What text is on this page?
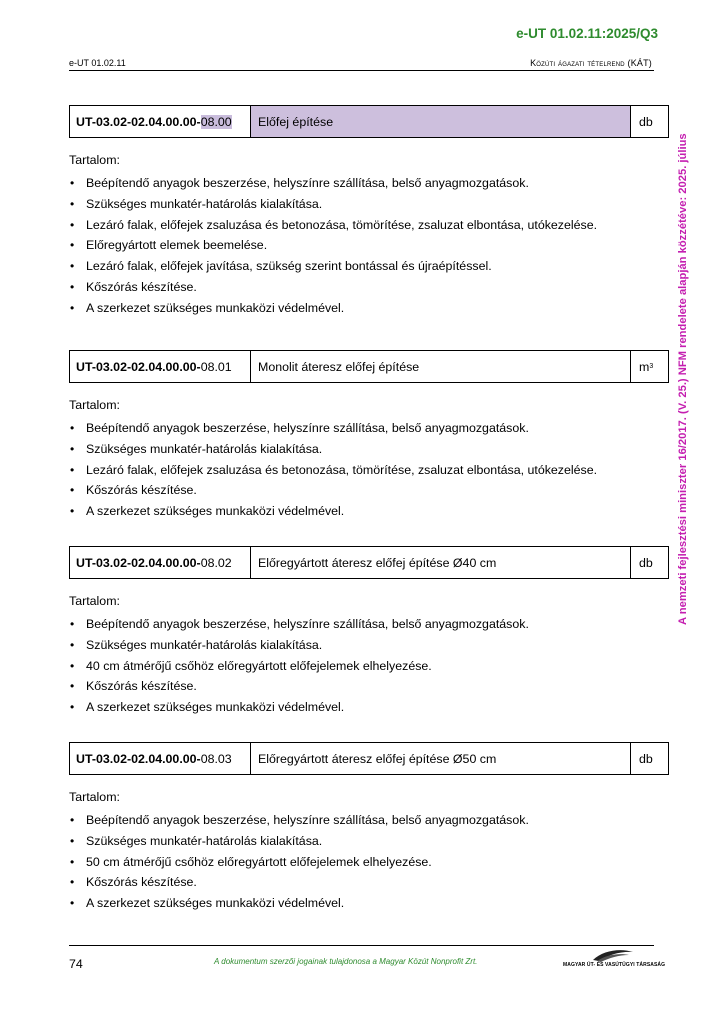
e-UT 01.02.11:2025/Q3
e-UT 01.02.11	Közúti ágazati tételrend (KÁT)
A nemzeti fejlesztési miniszter 16/2017. (V. 25.) NFM rendelete alapján közzétéve: 2025. július
UT-03.02-02.04.00.00- 08.00	Előfej építése	db
Tartalom:
• Beépítendő anyagok beszerzése, helyszínre szállítása, belső anyagmozgatások.
• Szükséges munkatér-határolás kialakítása.
• Lezáró falak, előfejek zsaluzása és betonozása, tömörítése, zsaluzat elbontása, utókezelése.
• Előregyártott elemek beemelése.
• Lezáró falak, előfejek javítása, szükség szerint bontással és újraépítéssel.
• Kőszórás készítése.
• A szerkezet szükséges munkaközi védelmével.
UT-03.02-02.04.00.00- 08.01	Monolit áteresz előfej építése	m 3
Tartalom:
• Beépítendő anyagok beszerzése, helyszínre szállítása, belső anyagmozgatások.
• Szükséges munkatér-határolás kialakítása.
• Lezáró falak, előfejek zsaluzása és betonozása, tömörítése, zsaluzat elbontása, utókezelése.
• Kőszórás készítése.
• A szerkezet szükséges munkaközi védelmével.
UT-03.02-02.04.00.00- 08.02	Előregyártott áteresz előfej építése Ø40 cm	db
Tartalom:
• Beépítendő anyagok beszerzése, helyszínre szállítása, belső anyagmozgatások.
• Szükséges munkatér-határolás kialakítása.
• 40 cm átmérőjű csőhöz előregyártott előfejelemek elhelyezése.
• Kőszórás készítése.
• A szerkezet szükséges munkaközi védelmével.
UT-03.02-02.04.00.00- 08.03	Előregyártott áteresz előfej építése Ø50 cm	db
Tartalom:
• Beépítendő anyagok beszerzése, helyszínre szállítása, belső anyagmozgatások.
• Szükséges munkatér-határolás kialakítása.
• 50 cm átmérőjű csőhöz előregyártott előfejelemek elhelyezése.
• Kőszórás készítése.
• A szerkezet szükséges munkaközi védelmével.
74	A dokumentum szerzői jogainak tulajdonosa a Magyar Közút Nonprofit Zrt.	MAGYAR ÚT- ÉS VASÚTÜGYI TÁRSASÁG
